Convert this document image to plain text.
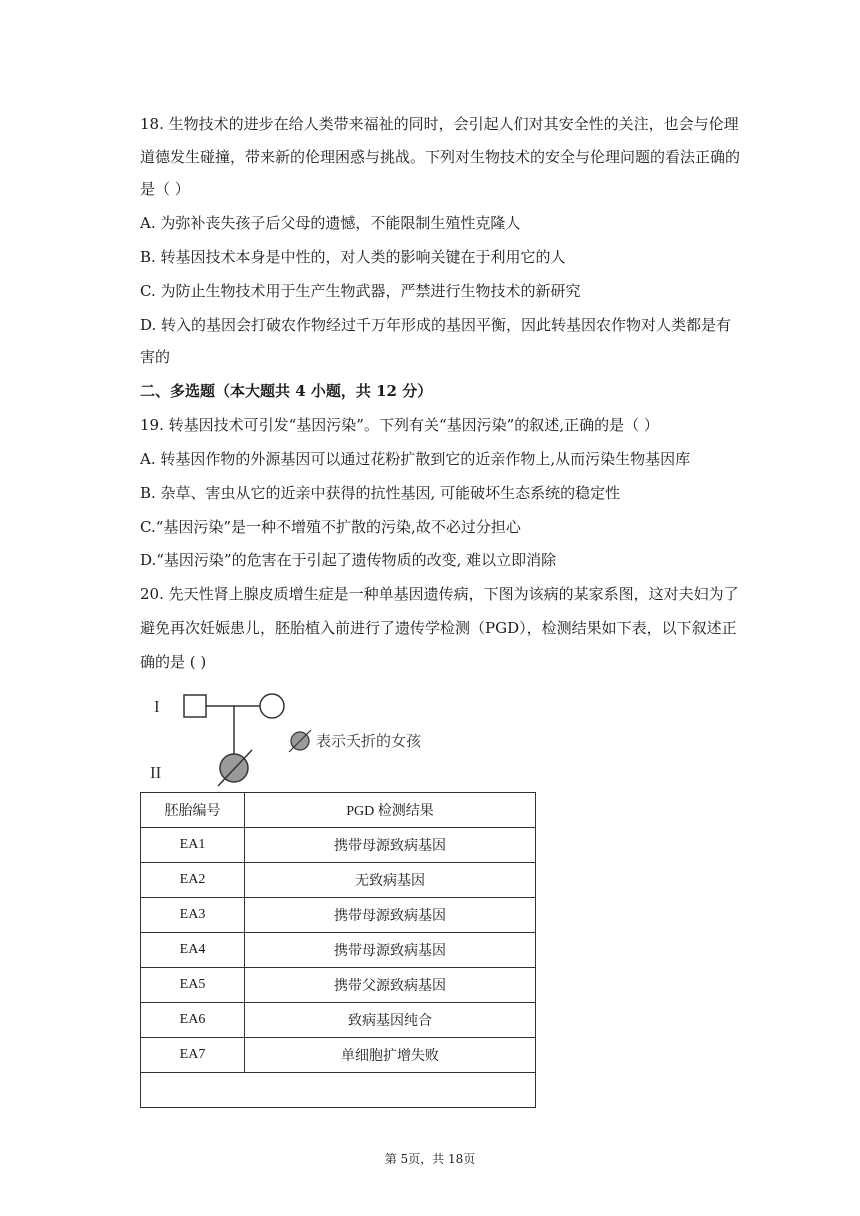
18. 生物技术的进步在给人类带来福祉的同时，会引起人们对其安全性的关注，也会与伦理
道德发生碰撞，带来新的伦理困惑与挑战。下列对生物技术的安全与伦理问题的看法正确的
是（ ）
A. 为弥补丧失孩子后父母的遗憾，不能限制生殖性克隆人
B. 转基因技术本身是中性的，对人类的影响关键在于利用它的人
C. 为防止生物技术用于生产生物武器，严禁进行生物技术的新研究
D. 转入的基因会打破农作物经过千万年形成的基因平衡，因此转基因农作物对人类都是有
害的
二、多选题（本大题共 4 小题，共 12 分）
19. 转基因技术可引发“基因污染”。下列有关“基因污染”的叙述,正确的是（ ）
A. 转基因作物的外源基因可以通过花粉扩散到它的近亲作物上,从而污染生物基因库
B. 杂草、害虫从它的近亲中获得的抗性基因, 可能破坏生态系统的稳定性
C.“基因污染”是一种不增殖不扩散的污染,故不必过分担心
D.“基因污染”的危害在于引起了遗传物质的改变, 难以立即消除
20. 先天性肾上腺皮质增生症是一种单基因遗传病，下图为该病的某家系图，这对夫妇为了
避免再次妊娠患儿，胚胎植入前进行了遗传学检测（PGD），检测结果如下表，以下叙述正
确的是 ( )
I
II
表示夭折的女孩
胚胎编号	PGD 检测结果
EA1	携带母源致病基因
EA2	无致病基因
EA3	携带母源致病基因
EA4	携带母源致病基因
EA5	携带父源致病基因
EA6	致病基因纯合
EA7	单细胞扩增失败

第 5页，共 18页
